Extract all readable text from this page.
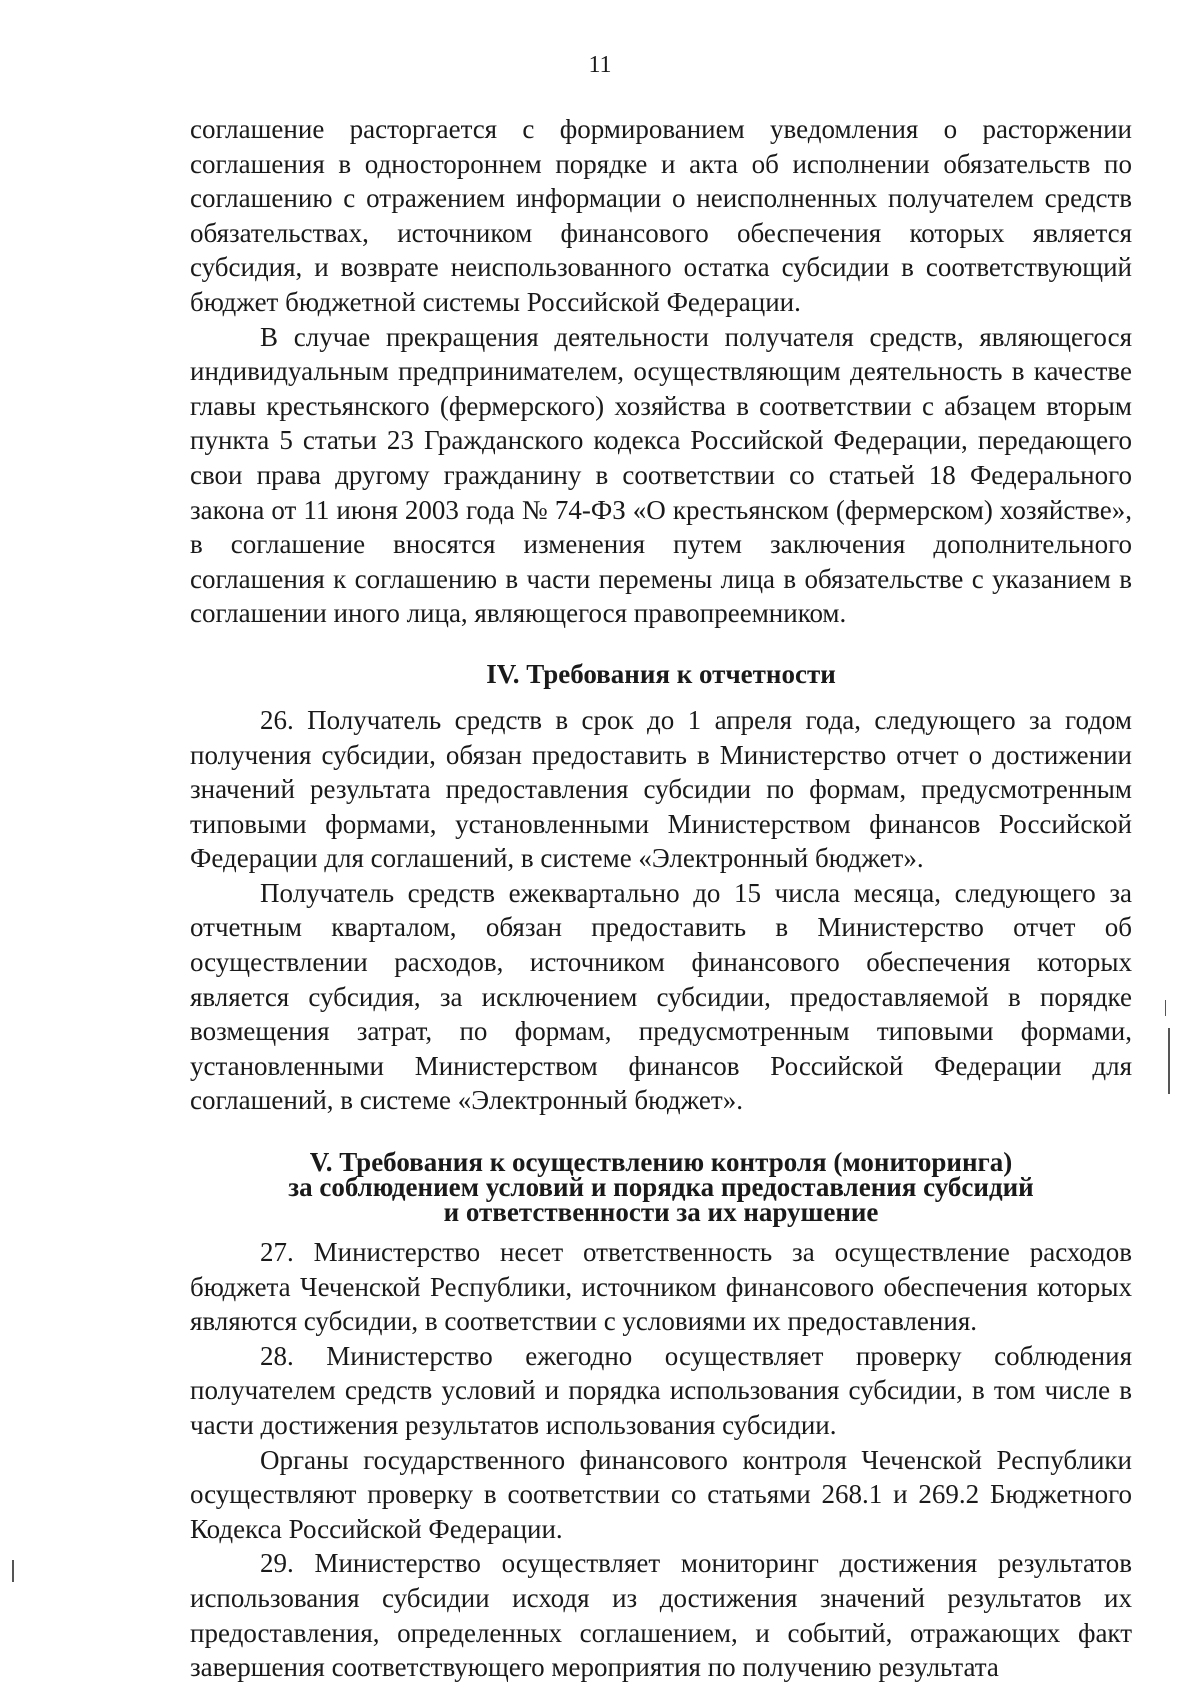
11

соглашение расторгается с формированием уведомления о расторжении соглашения в одностороннем порядке и акта об исполнении обязательств по соглашению с отражением информации о неисполненных получателем средств обязательствах, источником финансового обеспечения которых является субсидия, и возврате неиспользованного остатка субсидии в соответствующий бюджет бюджетной системы Российской Федерации.

В случае прекращения деятельности получателя средств, являющегося индивидуальным предпринимателем, осуществляющим деятельность в качестве главы крестьянского (фермерского) хозяйства в соответствии с абзацем вторым пункта 5 статьи 23 Гражданского кодекса Российской Федерации, передающего свои права другому гражданину в соответствии со статьей 18 Федерального закона от 11 июня 2003 года № 74-ФЗ «О крестьянском (фермерском) хозяйстве», в соглашение вносятся изменения путем заключения дополнительного соглашения к соглашению в части перемены лица в обязательстве с указанием в соглашении иного лица, являющегося правопреемником.

IV. Требования к отчетности

26. Получатель средств в срок до 1 апреля года, следующего за годом получения субсидии, обязан предоставить в Министерство отчет о достижении значений результата предоставления субсидии по формам, предусмотренным типовыми формами, установленными Министерством финансов Российской Федерации для соглашений, в системе «Электронный бюджет».

Получатель средств ежеквартально до 15 числа месяца, следующего за отчетным кварталом, обязан предоставить в Министерство отчет об осуществлении расходов, источником финансового обеспечения которых является субсидия, за исключением субсидии, предоставляемой в порядке возмещения затрат, по формам, предусмотренным типовыми формами, установленными Министерством финансов Российской Федерации для соглашений, в системе «Электронный бюджет».

V. Требования к осуществлению контроля (мониторинга)
за соблюдением условий и порядка предоставления субсидий
и ответственности за их нарушение

27. Министерство несет ответственность за осуществление расходов бюджета Чеченской Республики, источником финансового обеспечения которых являются субсидии, в соответствии с условиями их предоставления.

28. Министерство ежегодно осуществляет проверку соблюдения получателем средств условий и порядка использования субсидии, в том числе в части достижения результатов использования субсидии.

Органы государственного финансового контроля Чеченской Республики осуществляют проверку в соответствии со статьями 268.1 и 269.2 Бюджетного Кодекса Российской Федерации.

29. Министерство осуществляет мониторинг достижения результатов использования субсидии исходя из достижения значений результатов их предоставления, определенных соглашением, и событий, отражающих факт завершения соответствующего мероприятия по получению результата
